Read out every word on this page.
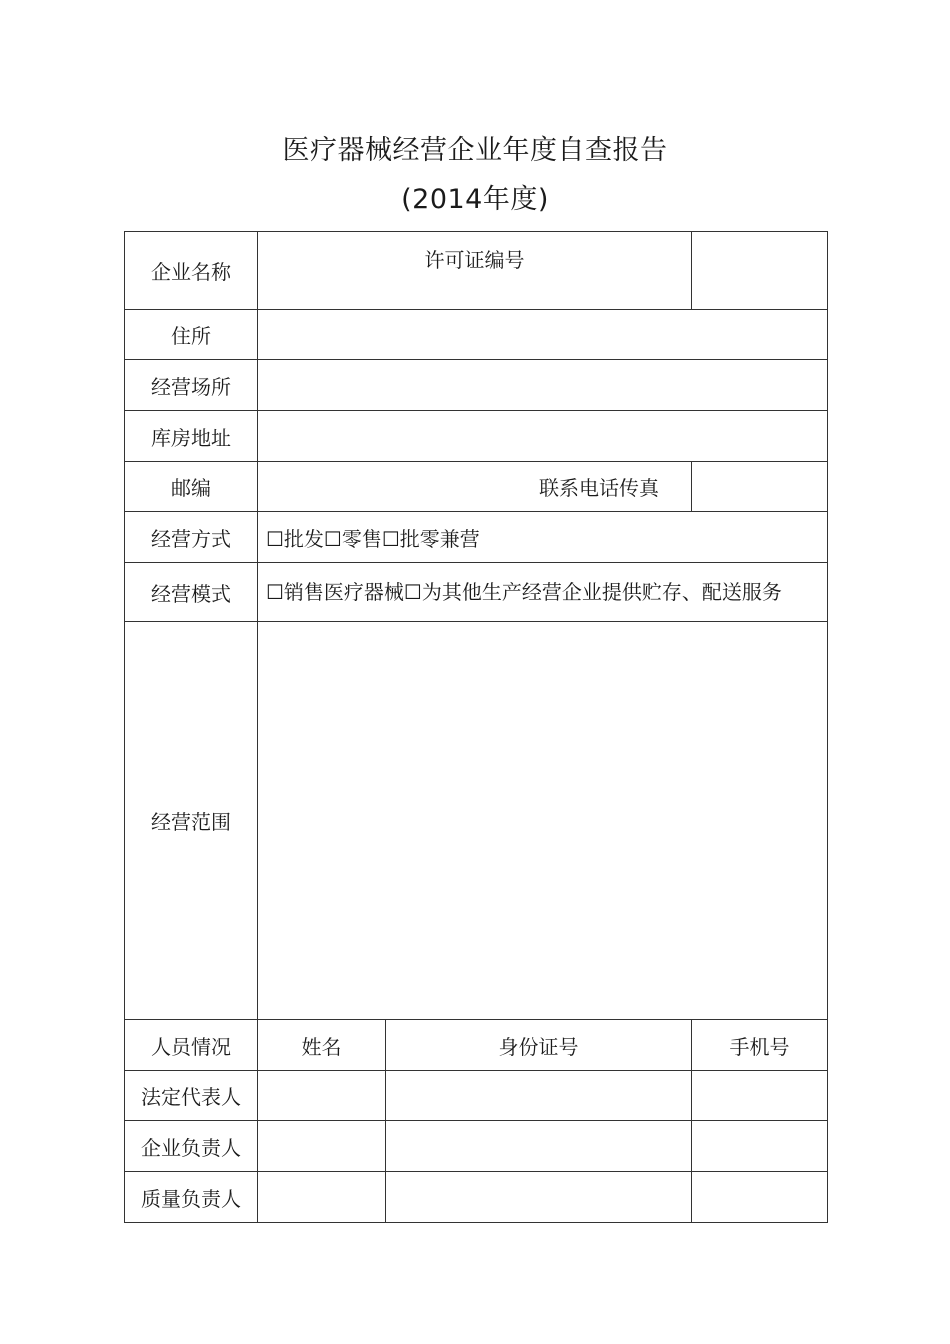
医疗器械经营企业年度自查报告
(2014年度)
企业名称	许可证编号		

住所			
经营场所			
库房地址			
邮编	联系电话传真		
经营方式	☐批发☐零售☐批零兼营		
经营模式	☐销售医疗器械☐为其他生产经营企业提供贮存、配送服务		
经营范围			
人员情况	姓名	身份证号	手机号
法定代表人			
企业负责人			
质量负责人			
